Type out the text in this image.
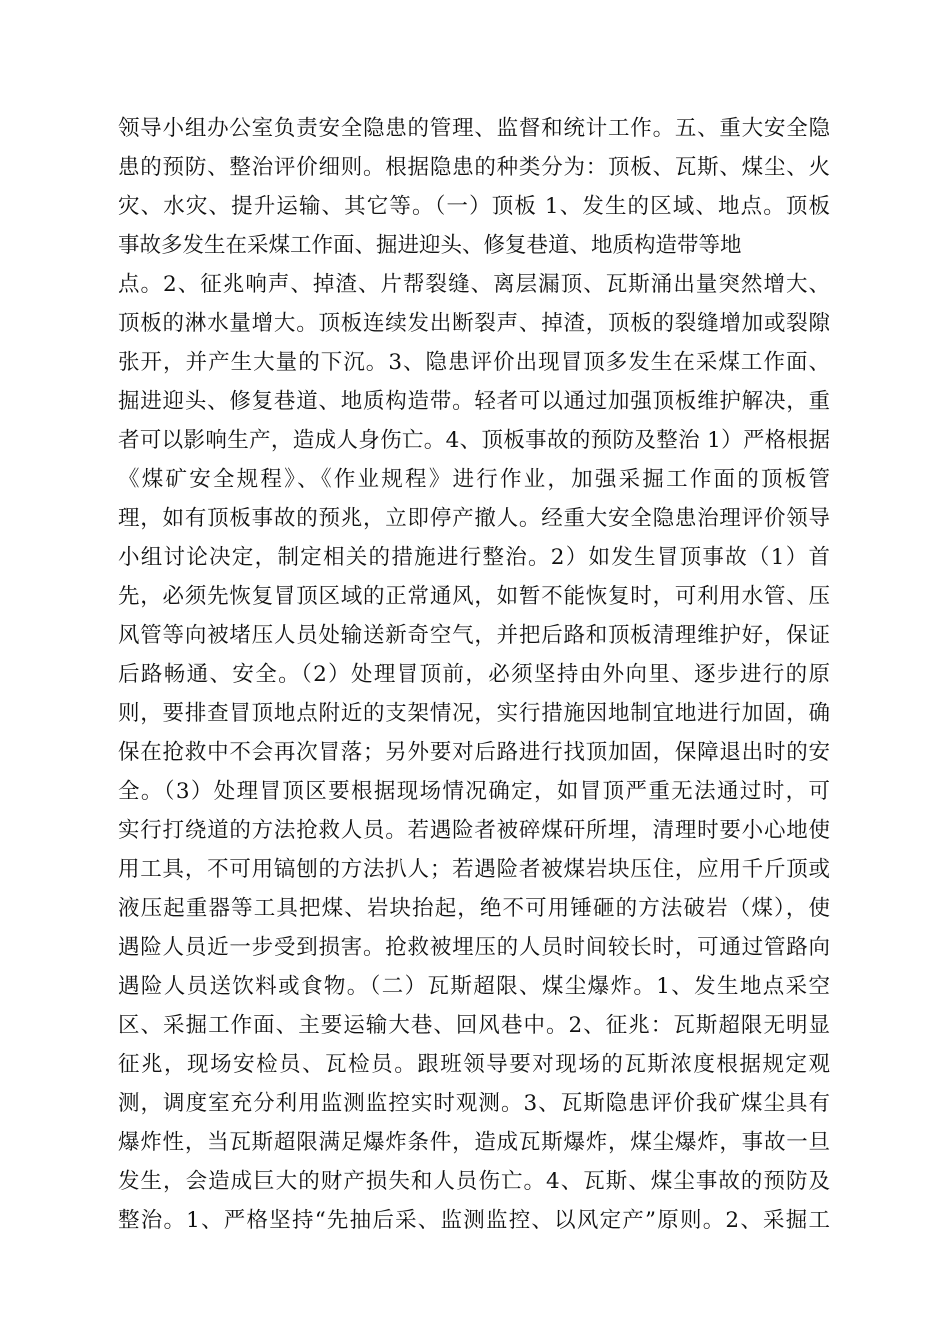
领导小组办公室负责安全隐患的管理、监督和统计工作。五、重大安全隐
患的预防、整治评价细则。根据隐患的种类分为：顶板、瓦斯、煤尘、火
灾、水灾、提升运输、其它等。（一）顶板 1、发生的区域、地点。顶板
事故多发生在采煤工作面、掘进迎头、修复巷道、地质构造带等地
点。2、征兆响声、掉渣、片帮裂缝、离层漏顶、瓦斯涌出量突然增大、
顶板的淋水量增大。顶板连续发出断裂声、掉渣，顶板的裂缝增加或裂隙
张开，并产生大量的下沉。3、隐患评价出现冒顶多发生在采煤工作面、
掘进迎头、修复巷道、地质构造带。轻者可以通过加强顶板维护解决，重
者可以影响生产，造成人身伤亡。4、顶板事故的预防及整治 1）严格根据
《煤矿安全规程》、《作业规程》进行作业，加强采掘工作面的顶板管
理，如有顶板事故的预兆，立即停产撤人。经重大安全隐患治理评价领导
小组讨论决定，制定相关的措施进行整治。2）如发生冒顶事故（1）首
先，必须先恢复冒顶区域的正常通风，如暂不能恢复时，可利用水管、压
风管等向被堵压人员处输送新奇空气，并把后路和顶板清理维护好，保证
后路畅通、安全。（2）处理冒顶前，必须坚持由外向里、逐步进行的原
则，要排查冒顶地点附近的支架情况，实行措施因地制宜地进行加固，确
保在抢救中不会再次冒落；另外要对后路进行找顶加固，保障退出时的安
全。（3）处理冒顶区要根据现场情况确定，如冒顶严重无法通过时，可
实行打绕道的方法抢救人员。若遇险者被碎煤矸所埋，清理时要小心地使
用工具，不可用镐刨的方法扒人；若遇险者被煤岩块压住，应用千斤顶或
液压起重器等工具把煤、岩块抬起，绝不可用锤砸的方法破岩（煤），使
遇险人员近一步受到损害。抢救被埋压的人员时间较长时，可通过管路向
遇险人员送饮料或食物。（二）瓦斯超限、煤尘爆炸。1、发生地点采空
区、采掘工作面、主要运输大巷、回风巷中。2、征兆：瓦斯超限无明显
征兆，现场安检员、瓦检员。跟班领导要对现场的瓦斯浓度根据规定观
测，调度室充分利用监测监控实时观测。3、瓦斯隐患评价我矿煤尘具有
爆炸性，当瓦斯超限满足爆炸条件，造成瓦斯爆炸，煤尘爆炸，事故一旦
发生，会造成巨大的财产损失和人员伤亡。4、瓦斯、煤尘事故的预防及
整治。1、严格坚持“先抽后采、监测监控、以风定产”原则。2、采掘工
